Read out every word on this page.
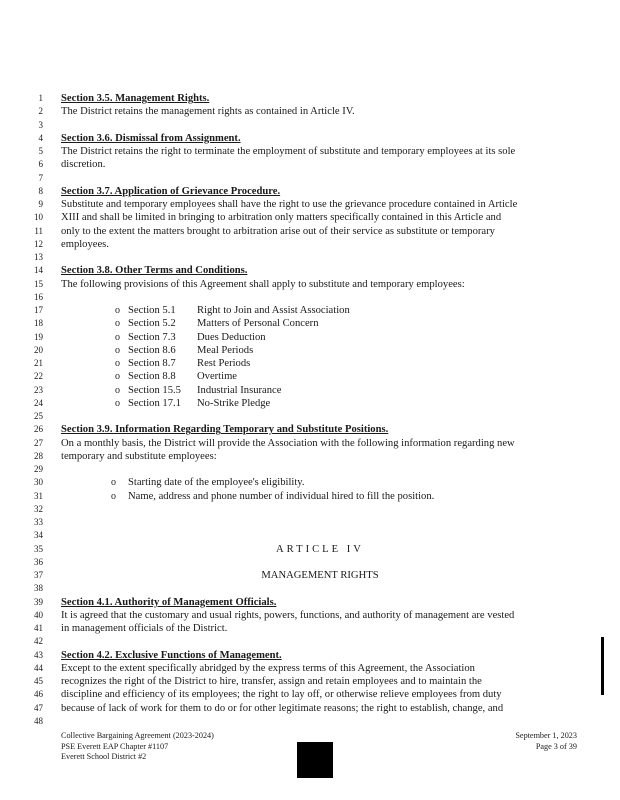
1 Section 3.5. Management Rights.
2 The District retains the management rights as contained in Article IV.
3
4 Section 3.6. Dismissal from Assignment.
5 The District retains the right to terminate the employment of substitute and temporary employees at its sole
6 discretion.
7
8 Section 3.7. Application of Grievance Procedure.
9 Substitute and temporary employees shall have the right to use the grievance procedure contained in Article
10 XIII and shall be limited in bringing to arbitration only matters specifically contained in this Article and
11 only to the extent the matters brought to arbitration arise out of their service as substitute or temporary
12 employees.
13
14 Section 3.8. Other Terms and Conditions.
15 The following provisions of this Agreement shall apply to substitute and temporary employees:
16
17	o Section 5.1 Right to Join and Assist Association
18	o Section 5.2 Matters of Personal Concern
19	o Section 7.3 Dues Deduction
20	o Section 8.6 Meal Periods
21	o Section 8.7 Rest Periods
22	o Section 8.8 Overtime
23	o Section 15.5 Industrial Insurance
24	o Section 17.1 No-Strike Pledge
25
26 Section 3.9. Information Regarding Temporary and Substitute Positions.
27 On a monthly basis, the District will provide the Association with the following information regarding new
28 temporary and substitute employees:
29
30	o Starting date of the employee's eligibility.
31	o Name, address and phone number of individual hired to fill the position.
32
33
34
35	ARTICLE IV
36
37	MANAGEMENT RIGHTS
38
39 Section 4.1. Authority of Management Officials.
40 It is agreed that the customary and usual rights, powers, functions, and authority of management are vested
41 in management officials of the District.
42
43 Section 4.2. Exclusive Functions of Management.
44 Except to the extent specifically abridged by the express terms of this Agreement, the Association
45 recognizes the right of the District to hire, transfer, assign and retain employees and to maintain the
46 discipline and efficiency of its employees; the right to lay off, or otherwise relieve employees from duty
47 because of lack of work for them to do or for other legitimate reasons; the right to establish, change, and
48
Collective Bargaining Agreement (2023-2024)
PSE Everett EAP Chapter #1107
Everett School District #2
September 1, 2023
Page 3 of 39
